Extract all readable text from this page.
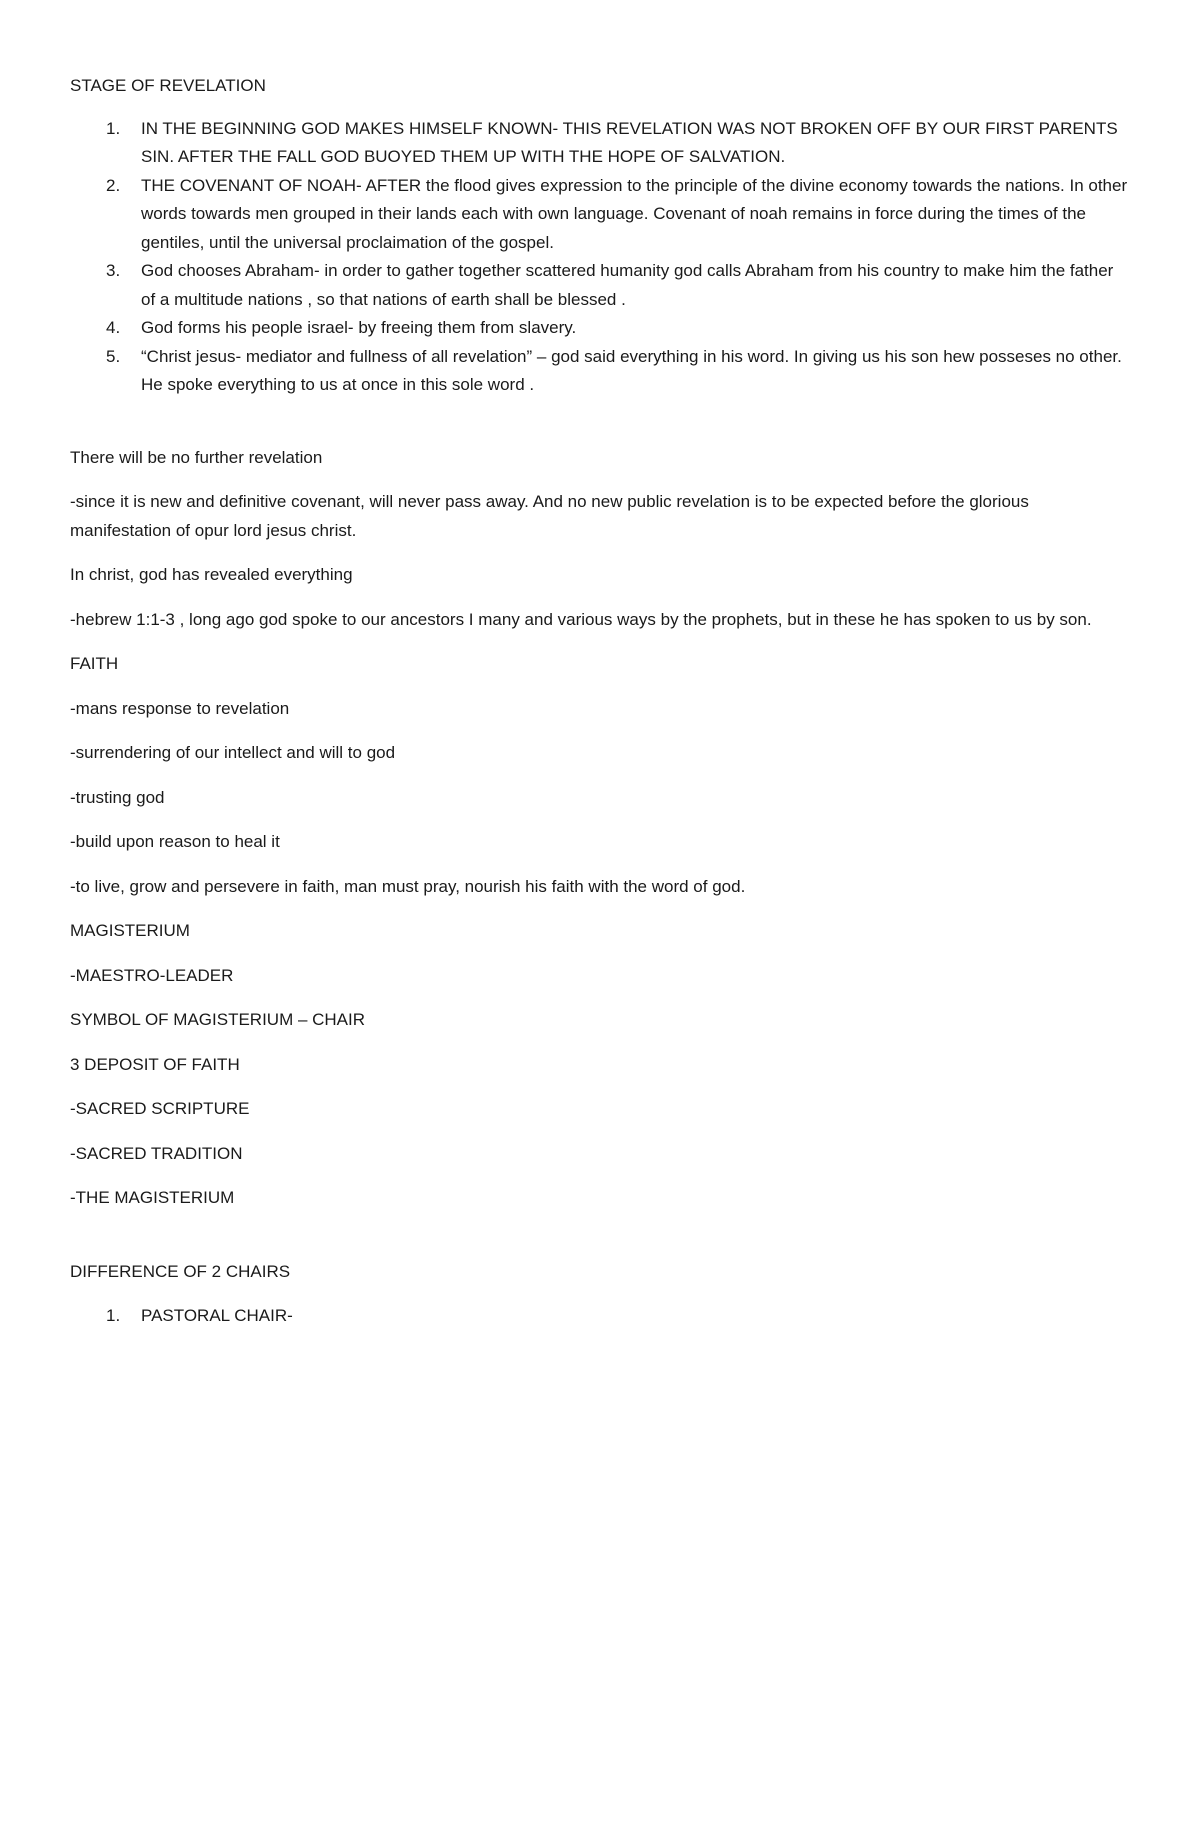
STAGE OF REVELATION
1.	IN THE BEGINNING GOD MAKES HIMSELF KNOWN- THIS REVELATION WAS NOT BROKEN OFF BY OUR FIRST PARENTS SIN. AFTER THE FALL GOD BUOYED THEM UP WITH THE HOPE OF SALVATION.
2.	THE COVENANT OF NOAH- AFTER the flood gives expression to the principle of the divine economy towards the nations. In other words towards men grouped in their lands each with own language. Covenant of noah remains in force during the times of the gentiles, until the universal proclaimation of the gospel.
3.	God chooses Abraham- in order to gather together scattered humanity god calls Abraham from his country to make him the father of a multitude nations , so that nations of earth shall be blessed .
4.	God forms his people israel- by freeing them from slavery.
5.	“Christ jesus- mediator and fullness of all revelation” – god said everything in his word. In giving us his son hew posseses no other. He spoke everything to us at once in this sole word .

There will be no further revelation

-since it is new and definitive covenant, will never pass away. And no new public revelation is to be expected before the glorious manifestation of opur lord jesus christ.

In christ, god has revealed everything

-hebrew 1:1-3 , long ago god spoke to our ancestors I many and various ways by the prophets, but in these he has spoken to us by son.

FAITH

-mans response to revelation

-surrendering of our intellect and will to god

-trusting god

-build upon reason to heal it

-to live, grow and persevere in faith, man must pray, nourish his faith with the word of god.

MAGISTERIUM

-MAESTRO-LEADER

SYMBOL OF MAGISTERIUM – CHAIR

3 DEPOSIT OF FAITH

-SACRED SCRIPTURE

-SACRED TRADITION

-THE MAGISTERIUM

DIFFERENCE OF 2 CHAIRS

1. PASTORAL CHAIR-
